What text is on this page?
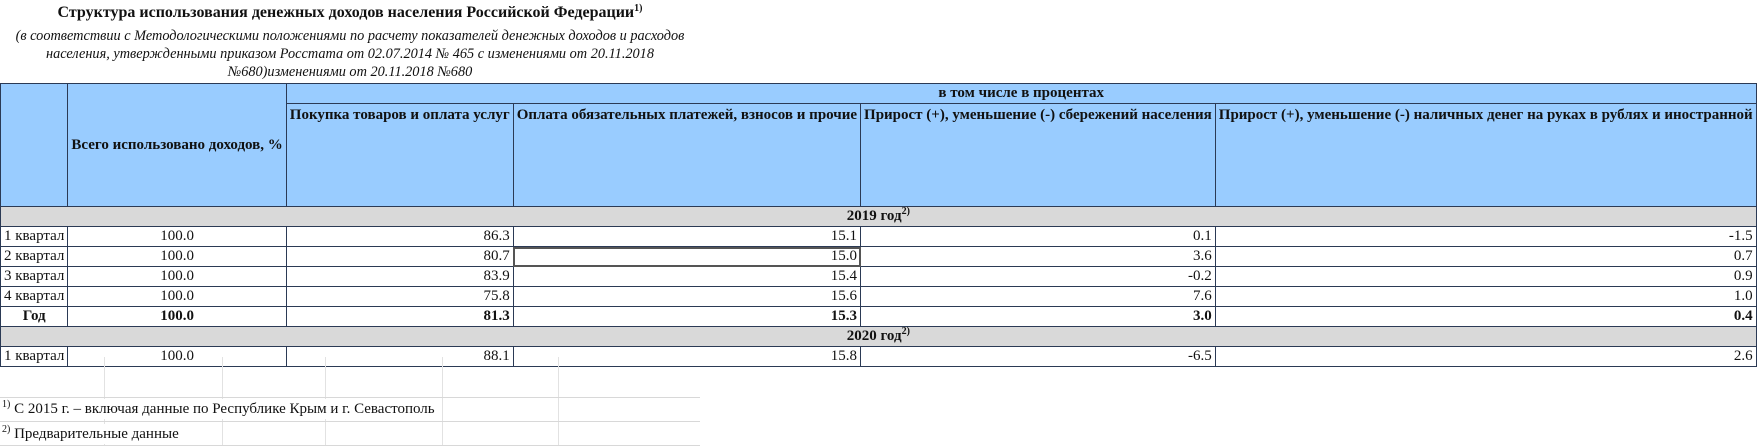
Структура использования денежных доходов населения Российской Федерации$^{1)}$
(в соответствии с Методологическими положениями по расчету показателей денежных доходов и расходов
населения, утвержденными приказом Росстата от 02.07.2014 № 465 с изменениями от 20.11.2018
№680)изменениями от 20.11.2018 №680
	Всего использовано доходов, %	в том числе в процентах			
		Покупка товаров и оплата услуг	Оплата обязательных платежей, взносов и прочие	Прирост (+), уменьшение (-) сбережений населения	Прирост (+), уменьшение (-) наличных денег на руках в рублях и иностранной
2019 год$^{2)}$
1 квартал	100.0	86.3	15.1	0.1	-1.5
2 квартал	100.0	80.7	15.0	3.6	0.7
3 квартал	100.0	83.9	15.4	-0.2	0.9
4 квартал	100.0	75.8	15.6	7.6	1.0
Год	100.0	81.3	15.3	3.0	0.4
2020 год$^{2)}$
1 квартал	100.0	88.1	15.8	-6.5	2.6
$^{1)}$ С 2015 г. – включая данные по Республике Крым и г. Севастополь
$^{2)}$ Предварительные данные
